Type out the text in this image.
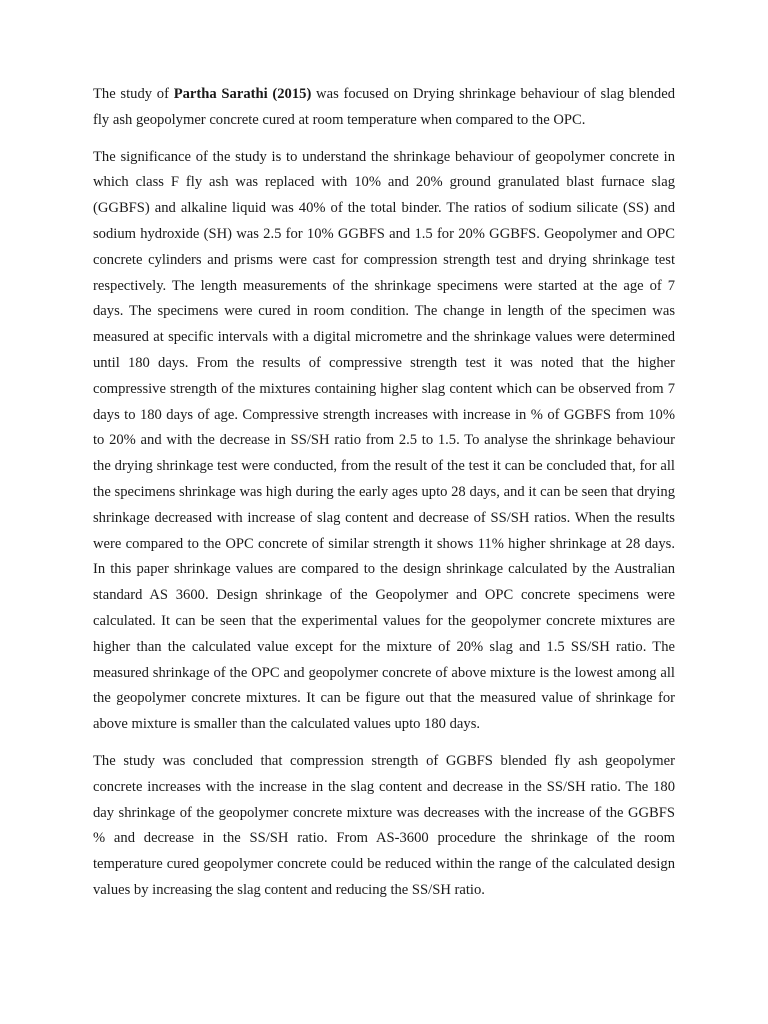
The study of Partha Sarathi (2015) was focused on Drying shrinkage behaviour of slag blended fly ash geopolymer concrete cured at room temperature when compared to the OPC.

The significance of the study is to understand the shrinkage behaviour of geopolymer concrete in which class F fly ash was replaced with 10% and 20% ground granulated blast furnace slag (GGBFS) and alkaline liquid was 40% of the total binder. The ratios of sodium silicate (SS) and sodium hydroxide (SH) was 2.5 for 10% GGBFS and 1.5 for 20% GGBFS. Geopolymer and OPC concrete cylinders and prisms were cast for compression strength test and drying shrinkage test respectively. The length measurements of the shrinkage specimens were started at the age of 7 days. The specimens were cured in room condition. The change in length of the specimen was measured at specific intervals with a digital micrometre and the shrinkage values were determined until 180 days. From the results of compressive strength test it was noted that the higher compressive strength of the mixtures containing higher slag content which can be observed from 7 days to 180 days of age. Compressive strength increases with increase in % of GGBFS from 10% to 20% and with the decrease in SS/SH ratio from 2.5 to 1.5. To analyse the shrinkage behaviour the drying shrinkage test were conducted, from the result of the test it can be concluded that, for all the specimens shrinkage was high during the early ages upto 28 days, and it can be seen that drying shrinkage decreased with increase of slag content and decrease of SS/SH ratios. When the results were compared to the OPC concrete of similar strength it shows 11% higher shrinkage at 28 days. In this paper shrinkage values are compared to the design shrinkage calculated by the Australian standard AS 3600. Design shrinkage of the Geopolymer and OPC concrete specimens were calculated. It can be seen that the experimental values for the geopolymer concrete mixtures are higher than the calculated value except for the mixture of 20% slag and 1.5 SS/SH ratio. The measured shrinkage of the OPC and geopolymer concrete of above mixture is the lowest among all the geopolymer concrete mixtures. It can be figure out that the measured value of shrinkage for above mixture is smaller than the calculated values upto 180 days.

The study was concluded that compression strength of GGBFS blended fly ash geopolymer concrete increases with the increase in the slag content and decrease in the SS/SH ratio. The 180 day shrinkage of the geopolymer concrete mixture was decreases with the increase of the GGBFS % and decrease in the SS/SH ratio. From AS-3600 procedure the shrinkage of the room temperature cured geopolymer concrete could be reduced within the range of the calculated design values by increasing the slag content and reducing the SS/SH ratio.
